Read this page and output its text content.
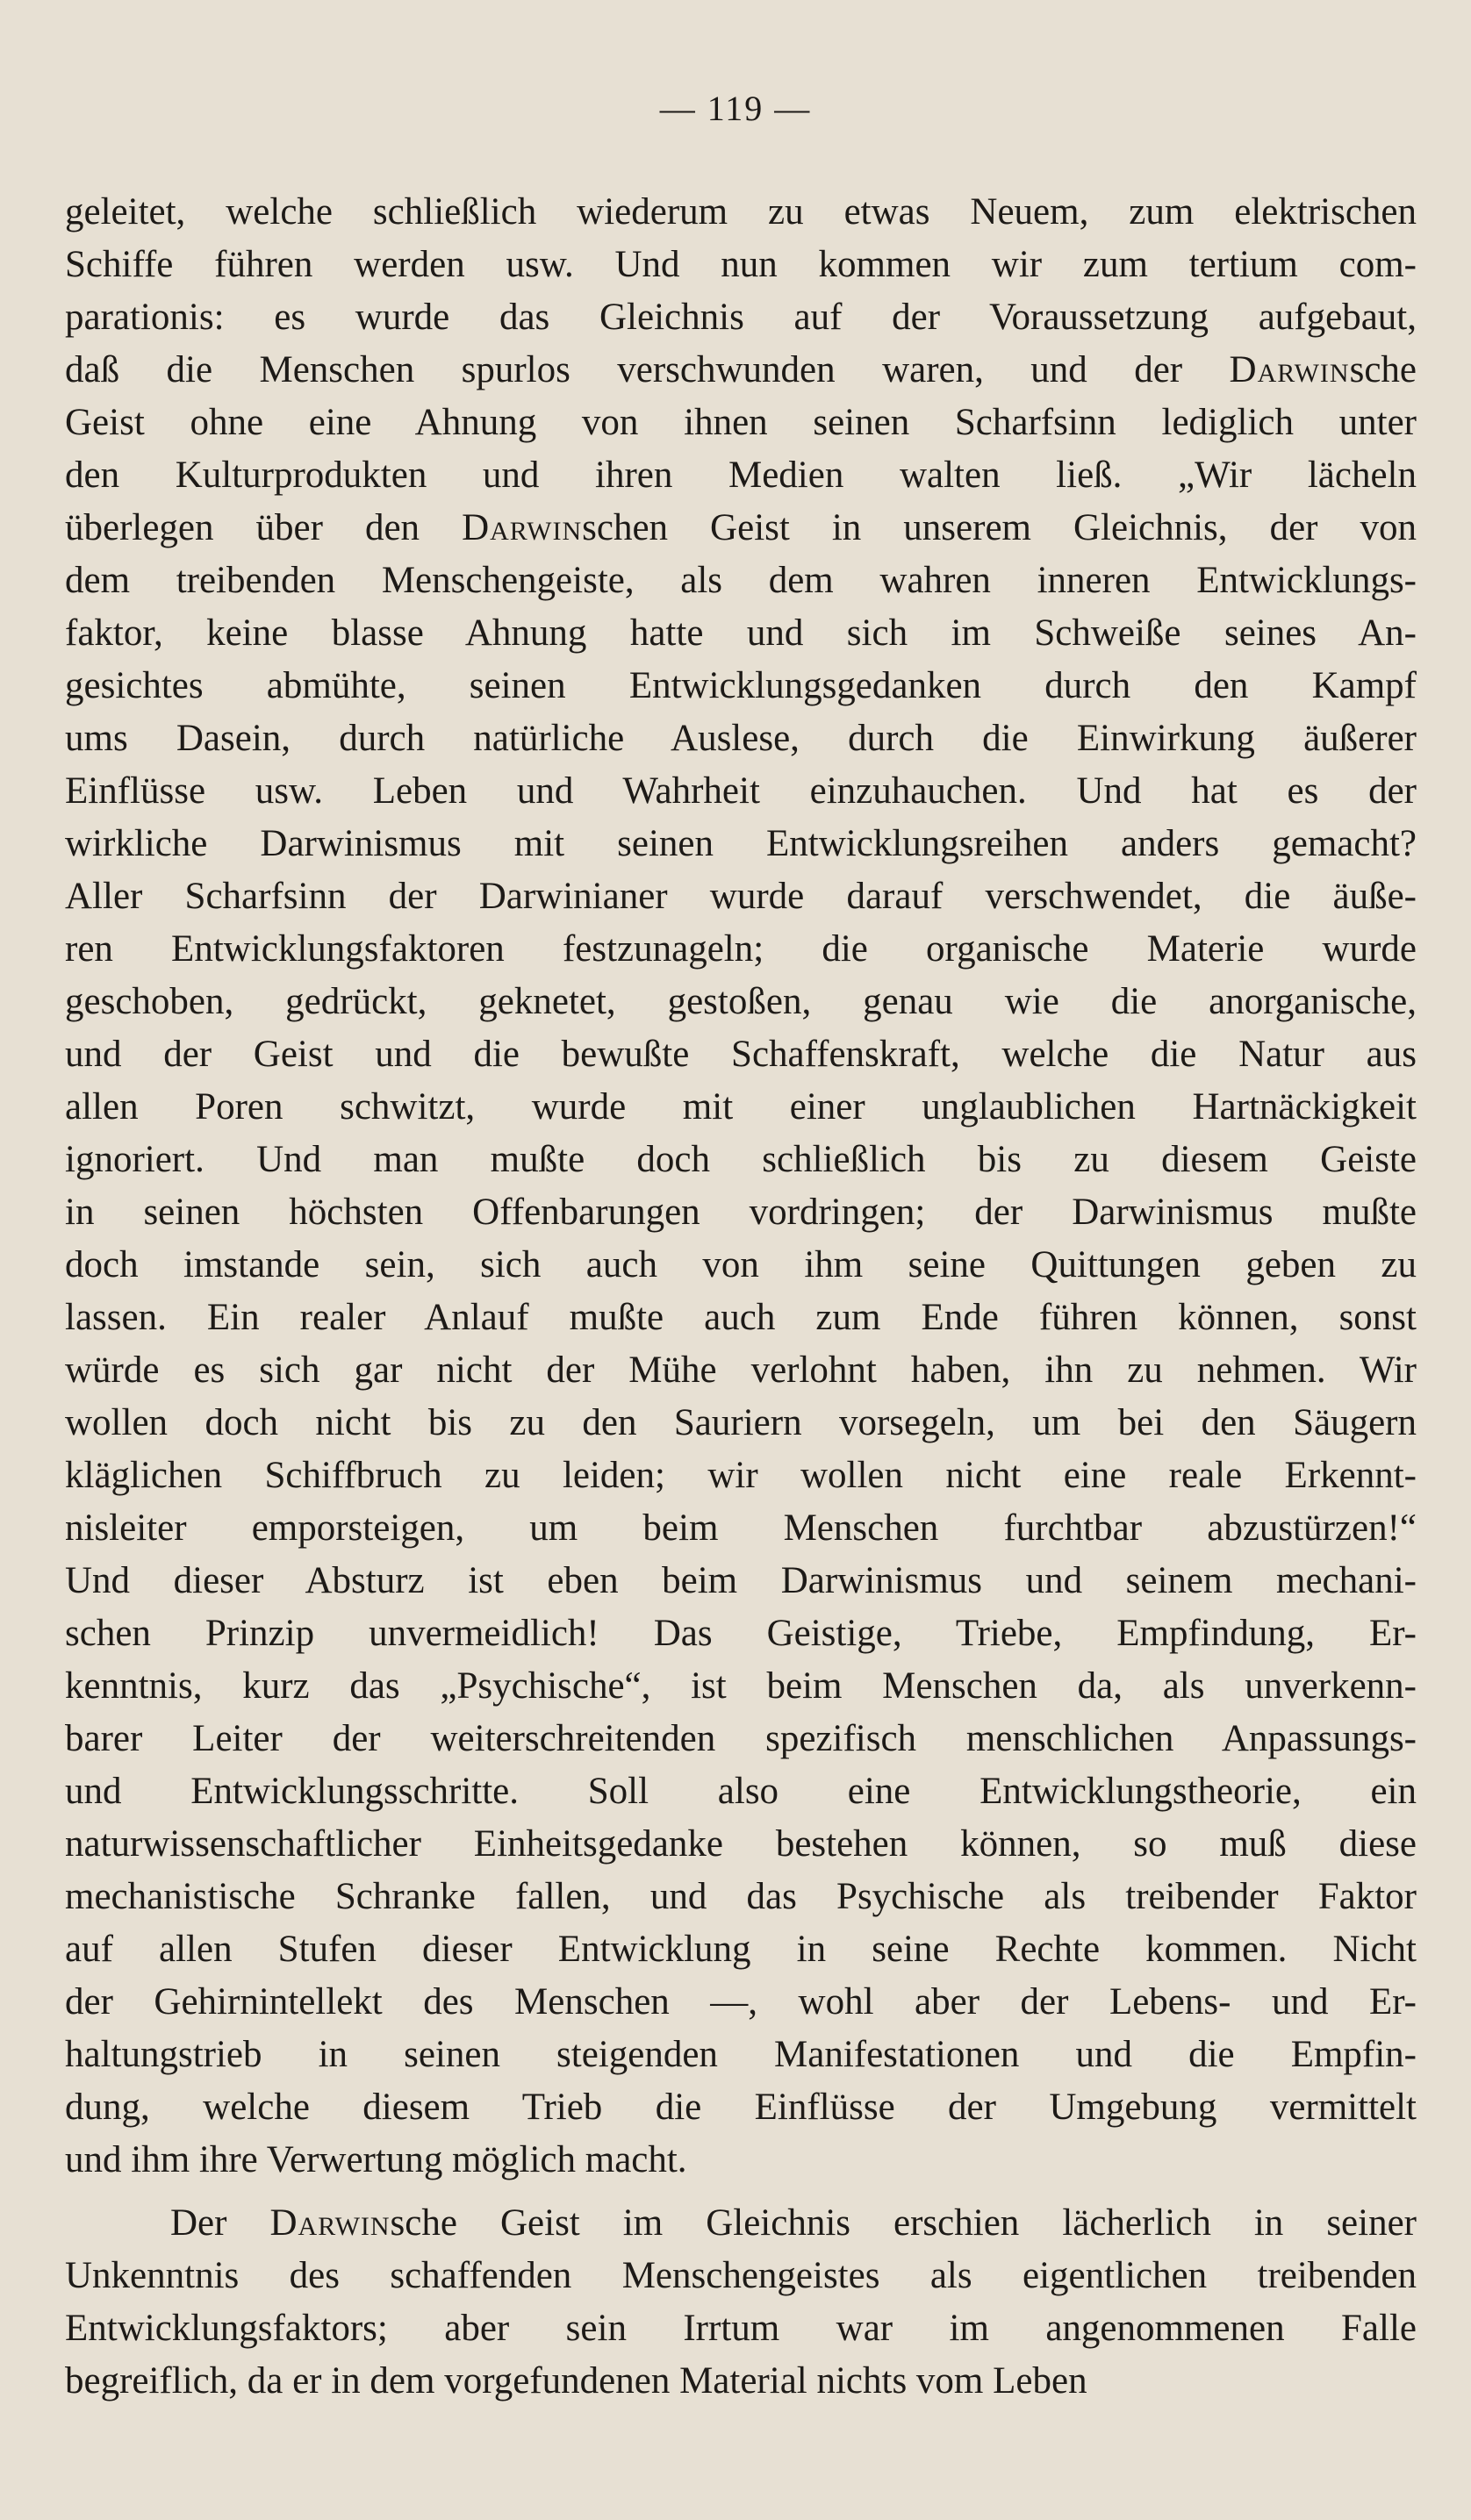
— 119 —
geleitet, welche schließlich wiederum zu etwas Neuem, zum elektrischen
Schiffe führen werden usw. Und nun kommen wir zum tertium com-
parationis: es wurde das Gleichnis auf der Voraussetzung aufgebaut,
daß die Menschen spurlos verschwunden waren, und der Darwinsche
Geist ohne eine Ahnung von ihnen seinen Scharfsinn lediglich unter
den Kulturprodukten und ihren Medien walten ließ. „Wir lächeln
überlegen über den Darwinschen Geist in unserem Gleichnis, der von
dem treibenden Menschengeiste, als dem wahren inneren Entwicklungs-
faktor, keine blasse Ahnung hatte und sich im Schweiße seines An-
gesichtes abmühte, seinen Entwicklungsgedanken durch den Kampf
ums Dasein, durch natürliche Auslese, durch die Einwirkung äußerer
Einflüsse usw. Leben und Wahrheit einzuhauchen. Und hat es der
wirkliche Darwinismus mit seinen Entwicklungsreihen anders gemacht?
Aller Scharfsinn der Darwinianer wurde darauf verschwendet, die äuße-
ren Entwicklungsfaktoren festzunageln; die organische Materie wurde
geschoben, gedrückt, geknetet, gestoßen, genau wie die anorganische,
und der Geist und die bewußte Schaffenskraft, welche die Natur aus
allen Poren schwitzt, wurde mit einer unglaublichen Hartnäckigkeit
ignoriert. Und man mußte doch schließlich bis zu diesem Geiste
in seinen höchsten Offenbarungen vordringen; der Darwinismus mußte
doch imstande sein, sich auch von ihm seine Quittungen geben zu
lassen. Ein realer Anlauf mußte auch zum Ende führen können, sonst
würde es sich gar nicht der Mühe verlohnt haben, ihn zu nehmen. Wir
wollen doch nicht bis zu den Sauriern vorsegeln, um bei den Säugern
kläglichen Schiffbruch zu leiden; wir wollen nicht eine reale Erkennt-
nisleiter emporsteigen, um beim Menschen furchtbar abzustürzen!“
Und dieser Absturz ist eben beim Darwinismus und seinem mechani-
schen Prinzip unvermeidlich! Das Geistige, Triebe, Empfindung, Er-
kenntnis, kurz das „Psychische“, ist beim Menschen da, als unverkenn-
barer Leiter der weiterschreitenden spezifisch menschlichen Anpassungs-
und Entwicklungsschritte. Soll also eine Entwicklungstheorie, ein
naturwissenschaftlicher Einheitsgedanke bestehen können, so muß diese
mechanistische Schranke fallen, und das Psychische als treibender Faktor
auf allen Stufen dieser Entwicklung in seine Rechte kommen. Nicht
der Gehirnintellekt des Menschen —, wohl aber der Lebens- und Er-
haltungstrieb in seinen steigenden Manifestationen und die Empfin-
dung, welche diesem Trieb die Einflüsse der Umgebung vermittelt
und ihm ihre Verwertung möglich macht.
Der Darwinsche Geist im Gleichnis erschien lächerlich in seiner
Unkenntnis des schaffenden Menschengeistes als eigentlichen treibenden
Entwicklungsfaktors; aber sein Irrtum war im angenommenen Falle
begreiflich, da er in dem vorgefundenen Material nichts vom Leben
